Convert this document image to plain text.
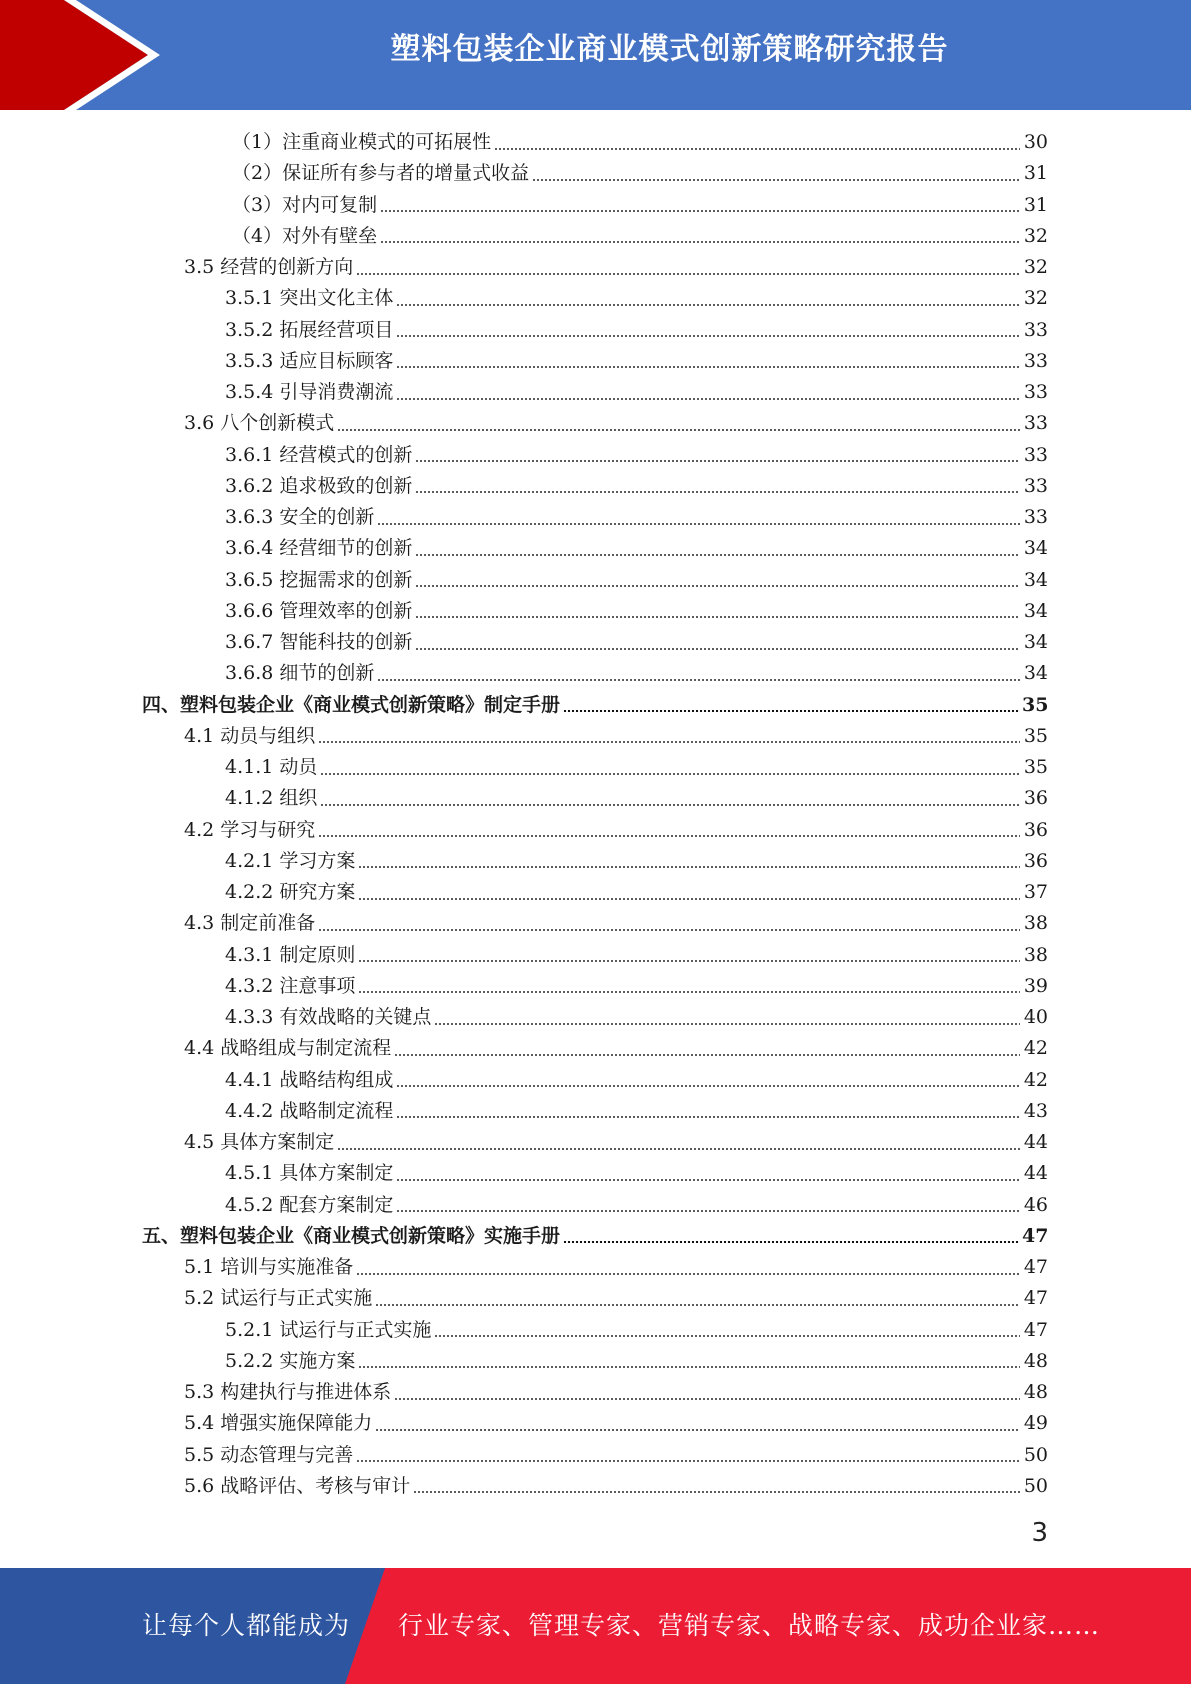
塑料包装企业商业模式创新策略研究报告
（1）注重商业模式的可拓展性	30
（2）保证所有参与者的增量式收益	31
（3）对内可复制	31
（4）对外有壁垒	32
3.5 经营的创新方向	32
3.5.1 突出文化主体	32
3.5.2 拓展经营项目	33
3.5.3 适应目标顾客	33
3.5.4 引导消费潮流	33
3.6 八个创新模式	33
3.6.1 经营模式的创新	33
3.6.2 追求极致的创新	33
3.6.3 安全的创新	33
3.6.4 经营细节的创新	34
3.6.5 挖掘需求的创新	34
3.6.6 管理效率的创新	34
3.6.7 智能科技的创新	34
3.6.8 细节的创新	34
四、塑料包装企业《商业模式创新策略》制定手册	35
4.1 动员与组织	35
4.1.1 动员	35
4.1.2 组织	36
4.2 学习与研究	36
4.2.1 学习方案	36
4.2.2 研究方案	37
4.3 制定前准备	38
4.3.1 制定原则	38
4.3.2 注意事项	39
4.3.3 有效战略的关键点	40
4.4 战略组成与制定流程	42
4.4.1 战略结构组成	42
4.4.2 战略制定流程	43
4.5 具体方案制定	44
4.5.1 具体方案制定	44
4.5.2 配套方案制定	46
五、塑料包装企业《商业模式创新策略》实施手册	47
5.1 培训与实施准备	47
5.2 试运行与正式实施	47
5.2.1 试运行与正式实施	47
5.2.2 实施方案	48
5.3 构建执行与推进体系	48
5.4 增强实施保障能力	49
5.5 动态管理与完善	50
5.6 战略评估、考核与审计	50
3
让每个人都能成为 行业专家、管理专家、营销专家、战略专家、成功企业家……
